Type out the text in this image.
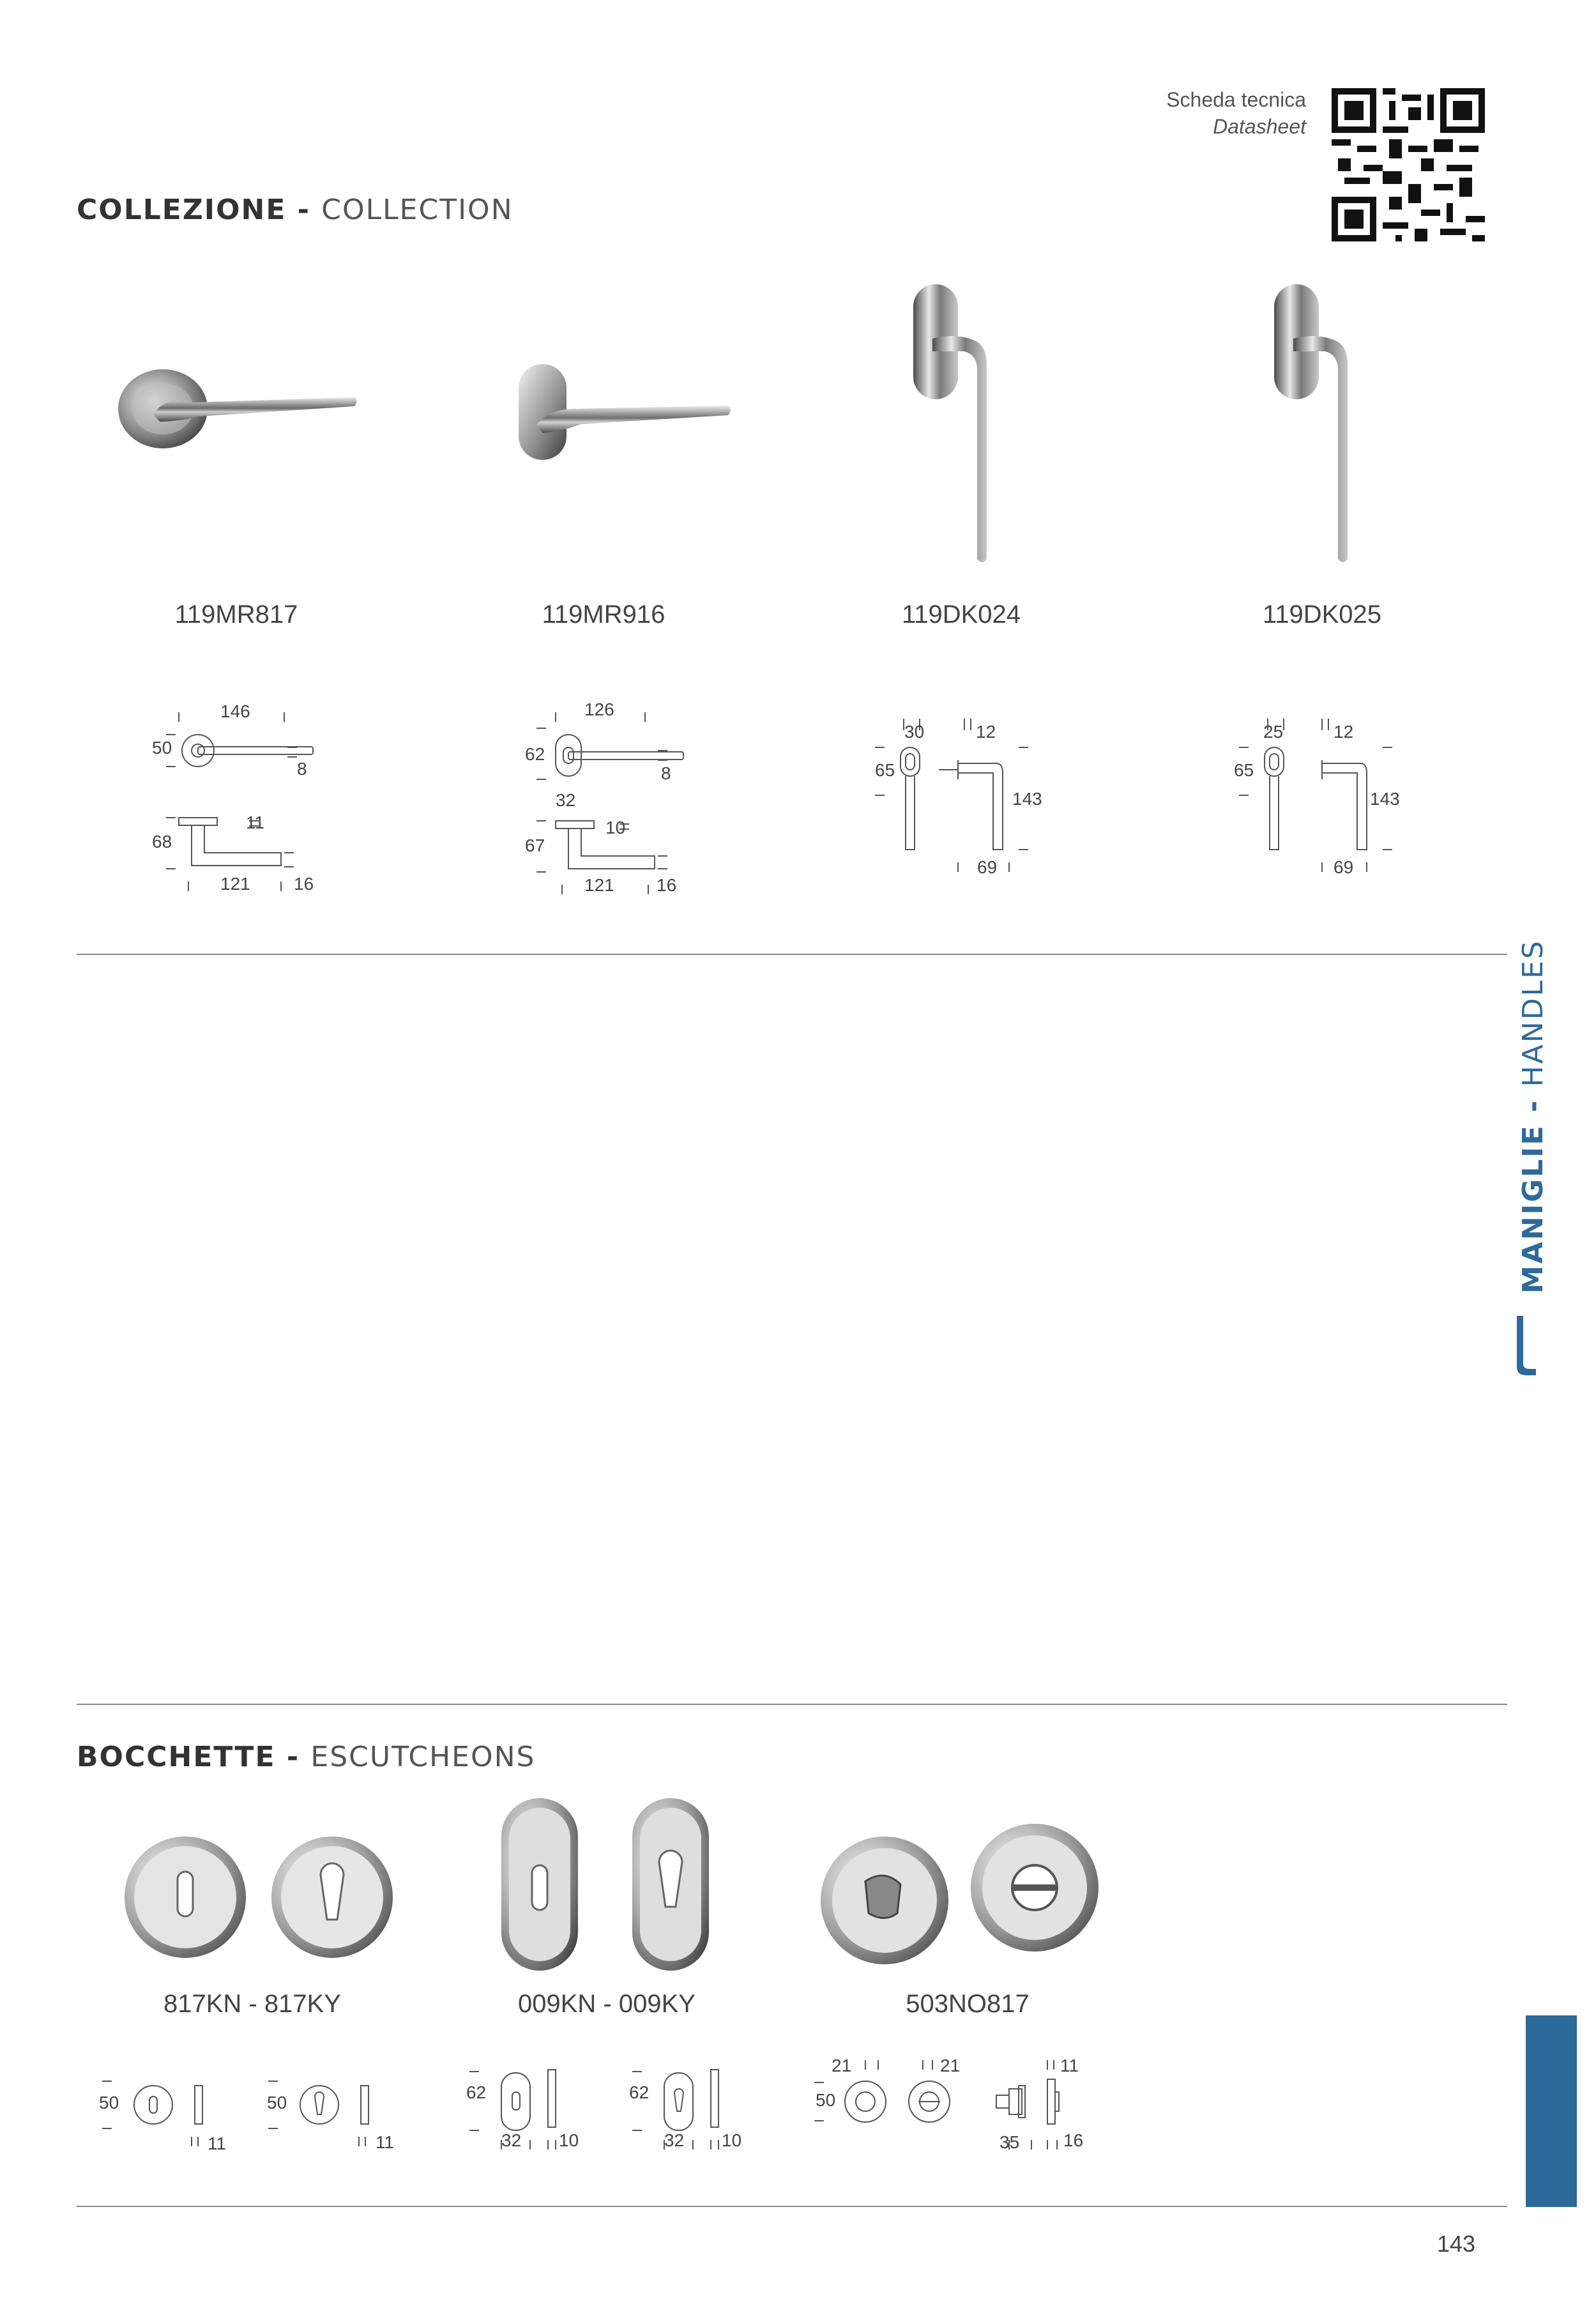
Scheda tecnica
Datasheet
COLLEZIONE - COLLECTION
119MR817	119MR916	119DK024	119DK025
146
50
8
11
68
121 16
126
62
8
32
10
67
121 16
30	12
65
143
69
25	12
65
143
69
MANIGLIE - HANDLES
BOCCHETTE - ESCUTCHEONS
817KN - 817KY	009KN - 009KY	503NO817
50
11
50
11
62
32 10
62
32 10
21	21	11
50
35 16
143
